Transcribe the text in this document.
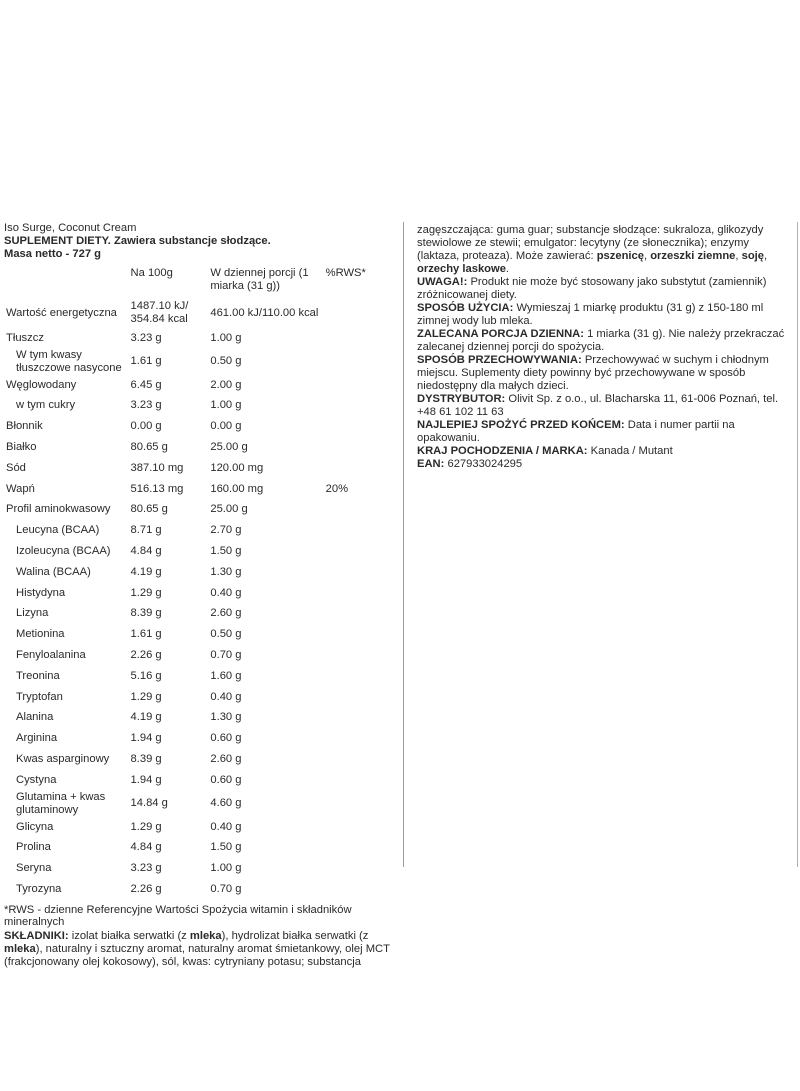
Iso Surge, Coconut Cream
SUPLEMENT DIETY. Zawiera substancje słodzące.
Masa netto - 727 g
	Na 100g	W dziennej porcji (1 miarka (31 g))	%RWS*
Wartość energetyczna	1487.10 kJ/ 354.84 kcal	461.00 kJ/110.00 kcal	
Tłuszcz	3.23 g	1.00 g	
W tym kwasy tłuszczowe nasycone	1.61 g	0.50 g	
Węglowodany	6.45 g	2.00 g	
w tym cukry	3.23 g	1.00 g	
Błonnik	0.00 g	0.00 g	
Białko	80.65 g	25.00 g	
Sód	387.10 mg	120.00 mg	
Wapń	516.13 mg	160.00 mg	20%
Profil aminokwasowy	80.65 g	25.00 g	
Leucyna (BCAA)	8.71 g	2.70 g	
Izoleucyna (BCAA)	4.84 g	1.50 g	
Walina (BCAA)	4.19 g	1.30 g	
Histydyna	1.29 g	0.40 g	
Lizyna	8.39 g	2.60 g	
Metionina	1.61 g	0.50 g	
Fenyloalanina	2.26 g	0.70 g	
Treonina	5.16 g	1.60 g	
Tryptofan	1.29 g	0.40 g	
Alanina	4.19 g	1.30 g	
Arginina	1.94 g	0.60 g	
Kwas asparginowy	8.39 g	2.60 g	
Cystyna	1.94 g	0.60 g	
Glutamina + kwas glutaminowy	14.84 g	4.60 g	
Glicyna	1.29 g	0.40 g	
Prolina	4.84 g	1.50 g	
Seryna	3.23 g	1.00 g	
Tyrozyna	2.26 g	0.70 g	
*RWS - dzienne Referencyjne Wartości Spożycia witamin i składników mineralnych
SKŁADNIKI: izolat białka serwatki (z mleka), hydrolizat białka serwatki (z mleka), naturalny i sztuczny aromat, naturalny aromat śmietankowy, olej MCT (frakcjonowany olej kokosowy), sól, kwas: cytryniany potasu; substancja

zagęszczająca: guma guar; substancje słodzące: sukraloza, glikozydy stewiolowe ze stewii; emulgator: lecytyny (ze słonecznika); enzymy (laktaza, proteaza). Może zawierać: pszenicę, orzeszki ziemne, soję, orzechy laskowe.

UWAGA!: Produkt nie może być stosowany jako substytut (zamiennik) zróżnicowanej diety.

SPOSÓB UŻYCIA: Wymieszaj 1 miarkę produktu (31 g) z 150-180 ml zimnej wody lub mleka.

ZALECANA PORCJA DZIENNA: 1 miarka (31 g). Nie należy przekraczać zalecanej dziennej porcji do spożycia.

SPOSÓB PRZECHOWYWANIA: Przechowywać w suchym i chłodnym miejscu. Suplementy diety powinny być przechowywane w sposób niedostępny dla małych dzieci.

DYSTRYBUTOR: Olivit Sp. z o.o., ul. Blacharska 11, 61-006 Poznań, tel. +48 61 102 11 63

NAJLEPIEJ SPOŻYĆ PRZED KOŃCEM: Data i numer partii na opakowaniu.

KRAJ POCHODZENIA / MARKA: Kanada / Mutant

EAN: 627933024295
